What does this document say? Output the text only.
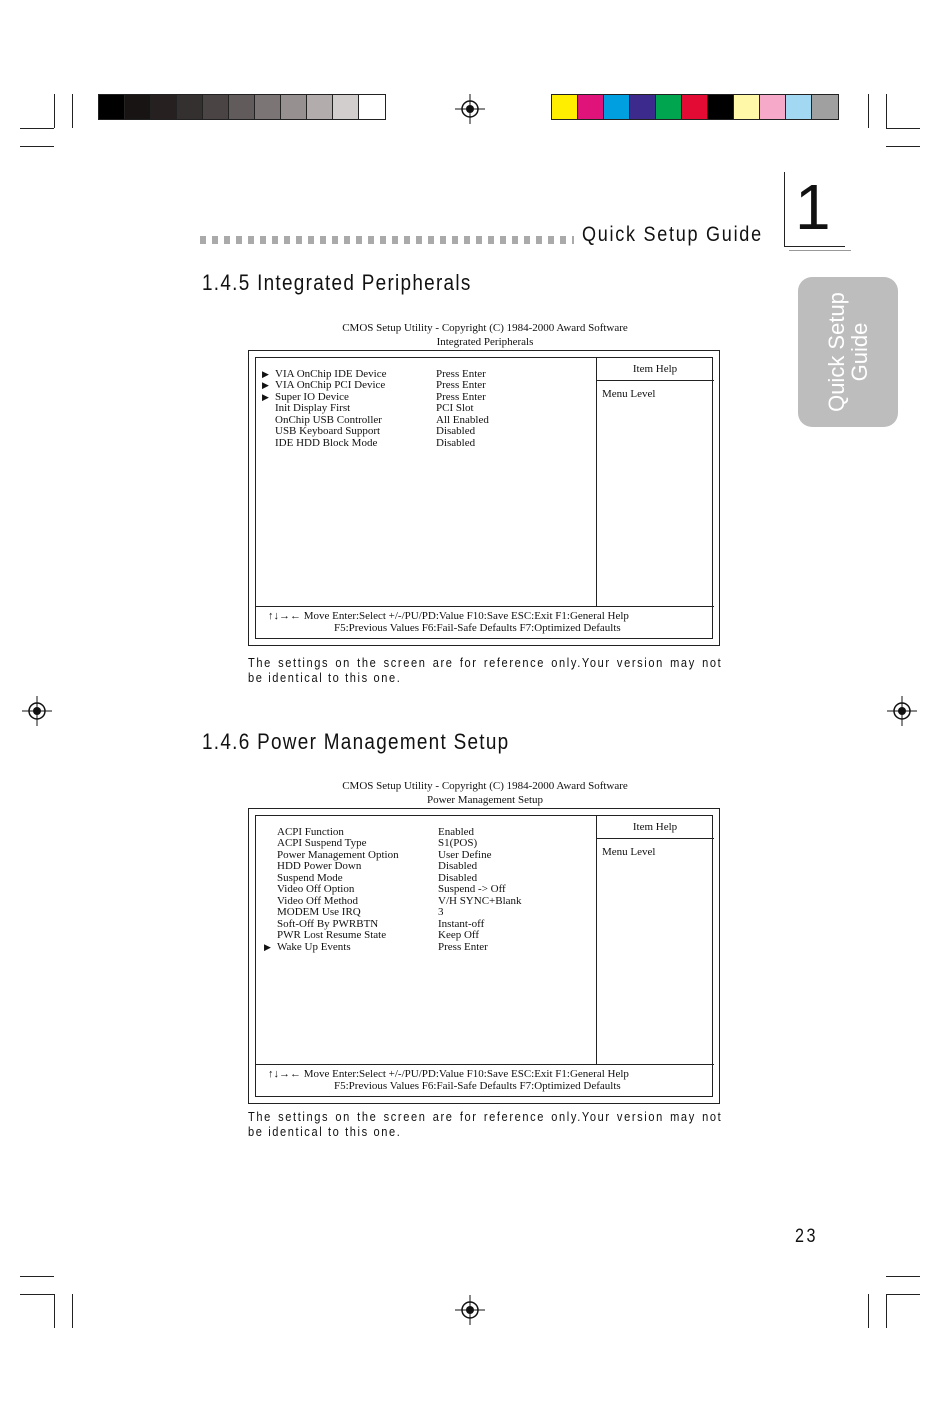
Quick Setup Guide 1
Quick Setup
Guide
1.4.5 Integrated Peripherals
CMOS Setup Utility - Copyright (C) 1984-2000 Award Software
Integrated Peripherals
Item Help
Menu Level
▶ VIA OnChip IDE Device	Press Enter
▶ VIA OnChip PCI Device	Press Enter
▶ Super IO Device	Press Enter
Init Display First	PCI Slot
OnChip USB Controller	All Enabled
USB Keyboard Support	Disabled
IDE HDD Block Mode	Disabled
↑↓→← Move Enter:Select +/-/PU/PD:Value F10:Save ESC:Exit F1:General Help
F5:Previous Values F6:Fail-Safe Defaults F7:Optimized Defaults
The settings on the screen are for reference only.Your version may not be identical to this one.
1.4.6 Power Management Setup
CMOS Setup Utility - Copyright (C) 1984-2000 Award Software
Power Management Setup
Item Help
Menu Level
ACPI Function	Enabled
ACPI Suspend Type	S1(POS)
Power Management Option	User Define
HDD Power Down	Disabled
Suspend Mode	Disabled
Video Off Option	Suspend -> Off
Video Off Method	V/H SYNC+Blank
MODEM Use IRQ	3
Soft-Off By PWRBTN	Instant-off
PWR Lost Resume State	Keep Off
▶ Wake Up Events	Press Enter
↑↓→← Move Enter:Select +/-/PU/PD:Value F10:Save ESC:Exit F1:General Help
F5:Previous Values F6:Fail-Safe Defaults F7:Optimized Defaults
The settings on the screen are for reference only.Your version may not be identical to this one.
23
